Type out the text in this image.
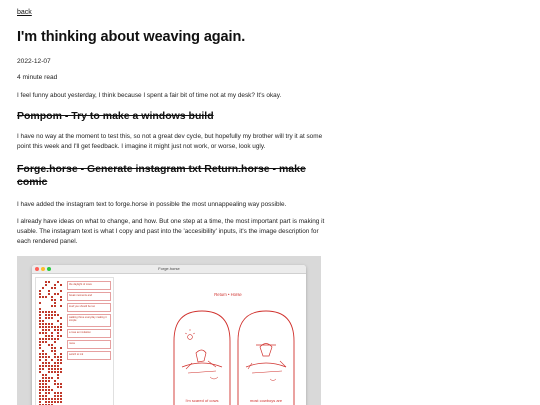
back
I'm thinking about weaving again.
2022-12-07
4 minute read

I feel funny about yesterday, I think because I spent a fair bit of time not at my desk? It's okay.

Pompom - Try to make a windows build

I have no way at the moment to test this, so not a great dev cycle, but hopefully my brother will try it at some point this week and I'll get feedback. I imagine it might just not work, or worse, look ugly.

Forge.horse - Generate instagram txt Return.horse - make comic

I have added the instagram text to forge.horse in possible the most unnappealing way possible.

I already have ideas on what to change, and how. But one step at a time, the most important part is making it usable. The instagram text is what I copy and past into the 'accesibility' inputs, it's the image description for each rendered panel.

Forge.horse
the daylight of cows
break moments and
loud you should be too
walking three everyday making it simple
a rose an invitation
meta
switch to ink
Return • Horse
I'm scared of cows	most cowboys are
